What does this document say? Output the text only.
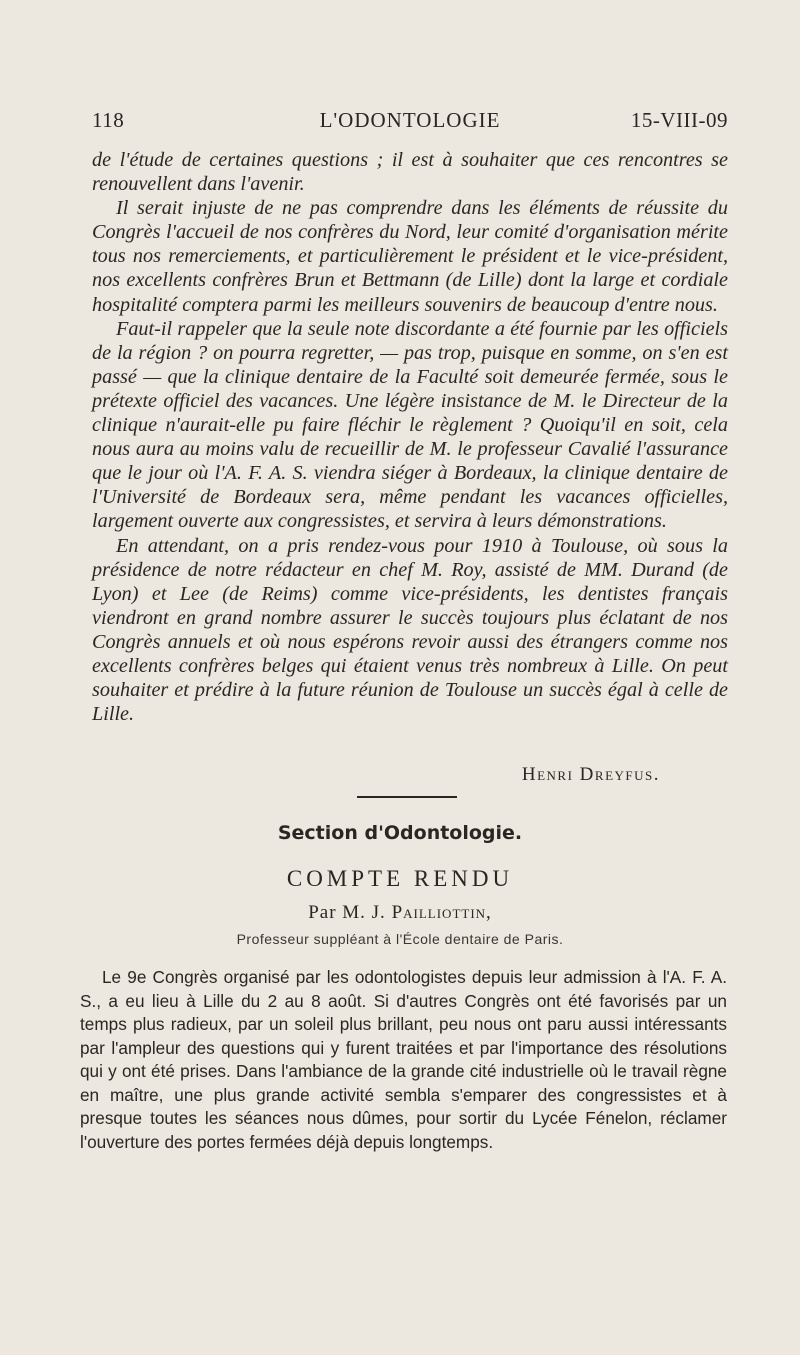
118	L'ODONTOLOGIE	15-VIII-09

de l'étude de certaines questions ; il est à souhaiter que ces rencontres se renouvellent dans l'avenir.

Il serait injuste de ne pas comprendre dans les éléments de réussite du Congrès l'accueil de nos confrères du Nord, leur comité d'organisation mérite tous nos remerciements, et particulièrement le président et le vice-président, nos excellents confrères Brun et Bettmann (de Lille) dont la large et cordiale hospitalité comptera parmi les meilleurs souvenirs de beaucoup d'entre nous.

Faut-il rappeler que la seule note discordante a été fournie par les officiels de la région ? on pourra regretter, — pas trop, puisque en somme, on s'en est passé — que la clinique dentaire de la Faculté soit demeurée fermée, sous le prétexte officiel des vacances. Une légère insistance de M. le Directeur de la clinique n'aurait-elle pu faire fléchir le règlement ? Quoiqu'il en soit, cela nous aura au moins valu de recueillir de M. le professeur Cavalié l'assurance que le jour où l'A. F. A. S. viendra siéger à Bordeaux, la clinique dentaire de l'Université de Bordeaux sera, même pendant les vacances officielles, largement ouverte aux congressistes, et servira à leurs démonstrations.

En attendant, on a pris rendez-vous pour 1910 à Toulouse, où sous la présidence de notre rédacteur en chef M. Roy, assisté de MM. Durand (de Lyon) et Lee (de Reims) comme vice-présidents, les dentistes français viendront en grand nombre assurer le succès toujours plus éclatant de nos Congrès annuels et où nous espérons revoir aussi des étrangers comme nos excellents confrères belges qui étaient venus très nombreux à Lille. On peut souhaiter et prédire à la future réunion de Toulouse un succès égal à celle de Lille.

Henri Dreyfus.
Section d'Odontologie.
COMPTE RENDU
Par M. J. Pailliottin,
Professeur suppléant à l'École dentaire de Paris.

Le 9e Congrès organisé par les odontologistes depuis leur admission à l'A. F. A. S., a eu lieu à Lille du 2 au 8 août. Si d'autres Congrès ont été favorisés par un temps plus radieux, par un soleil plus brillant, peu nous ont paru aussi intéressants par l'ampleur des questions qui y furent traitées et par l'importance des résolutions qui y ont été prises. Dans l'ambiance de la grande cité industrielle où le travail règne en maître, une plus grande activité sembla s'emparer des congressistes et à presque toutes les séances nous dûmes, pour sortir du Lycée Fénelon, réclamer l'ouverture des portes fermées déjà depuis longtemps.
